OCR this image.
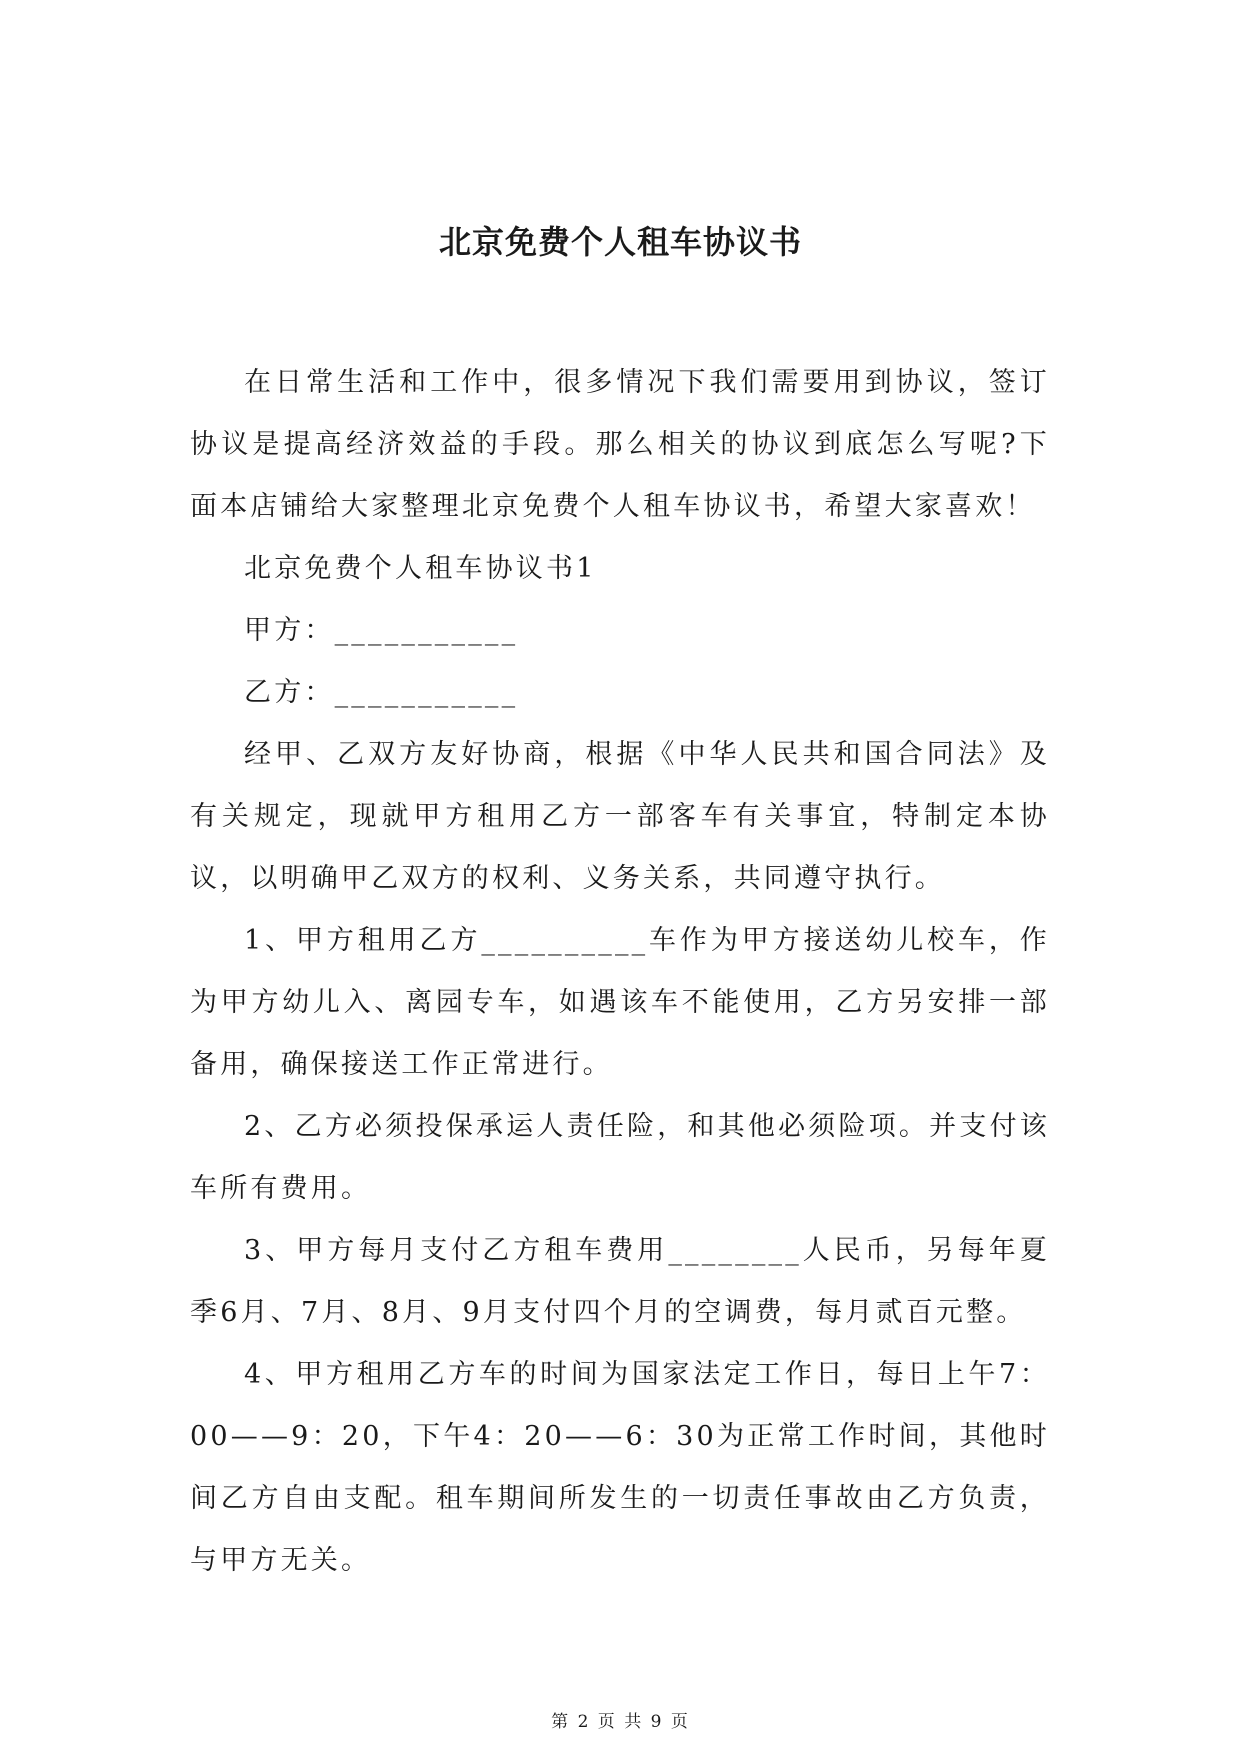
北京免费个人租车协议书

在日常生活和工作中，很多情况下我们需要用到协议，签订协议是提高经济效益的手段。那么相关的协议到底怎么写呢?下面本店铺给大家整理北京免费个人租车协议书，希望大家喜欢！

北京免费个人租车协议书1

甲方：___________

乙方：___________

经甲、乙双方友好协商，根据《中华人民共和国合同法》及有关规定，现就甲方租用乙方一部客车有关事宜，特制定本协议，以明确甲乙双方的权利、义务关系，共同遵守执行。

1、甲方租用乙方__________车作为甲方接送幼儿校车，作为甲方幼儿入、离园专车，如遇该车不能使用，乙方另安排一部备用，确保接送工作正常进行。

2、乙方必须投保承运人责任险，和其他必须险项。并支付该车所有费用。

3、甲方每月支付乙方租车费用________人民币，另每年夏季6月、7月、8月、9月支付四个月的空调费，每月贰百元整。

4、甲方租用乙方车的时间为国家法定工作日，每日上午7：00——9：20，下午4：20——6：30为正常工作时间，其他时间乙方自由支配。租车期间所发生的一切责任事故由乙方负责，与甲方无关。

第 2 页 共 9 页
